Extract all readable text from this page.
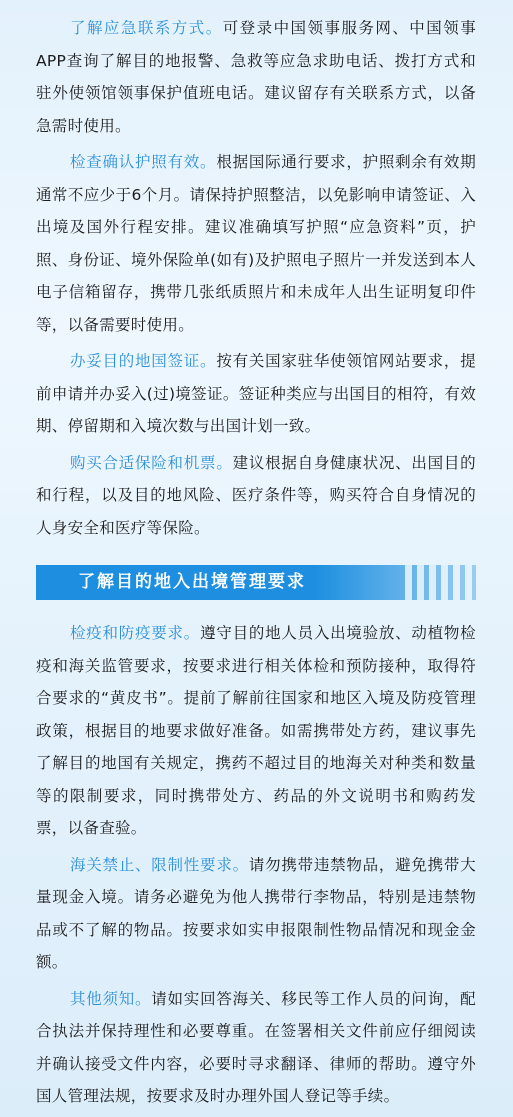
了解应急联系方式。可登录中国领事服务网、中国领事APP查询了解目的地报警、急救等应急求助电话、拨打方式和驻外使领馆领事保护值班电话。建议留存有关联系方式，以备急需时使用。

检查确认护照有效。根据国际通行要求，护照剩余有效期通常不应少于6个月。请保持护照整洁，以免影响申请签证、入出境及国外行程安排。建议准确填写护照“应急资料”页，护照、身份证、境外保险单(如有)及护照电子照片一并发送到本人电子信箱留存，携带几张纸质照片和未成年人出生证明复印件等，以备需要时使用。

办妥目的地国签证。按有关国家驻华使领馆网站要求，提前申请并办妥入(过)境签证。签证种类应与出国目的相符，有效期、停留期和入境次数与出国计划一致。

购买合适保险和机票。建议根据自身健康状况、出国目的和行程，以及目的地风险、医疗条件等，购买符合自身情况的人身安全和医疗等保险。

了解目的地入出境管理要求

检疫和防疫要求。遵守目的地人员入出境验放、动植物检疫和海关监管要求，按要求进行相关体检和预防接种，取得符合要求的“黄皮书”。提前了解前往国家和地区入境及防疫管理政策，根据目的地要求做好准备。如需携带处方药，建议事先了解目的地国有关规定，携药不超过目的地海关对种类和数量等的限制要求，同时携带处方、药品的外文说明书和购药发票，以备查验。

海关禁止、限制性要求。请勿携带违禁物品，避免携带大量现金入境。请务必避免为他人携带行李物品，特别是违禁物品或不了解的物品。按要求如实申报限制性物品情况和现金金额。

其他须知。请如实回答海关、移民等工作人员的问询，配合执法并保持理性和必要尊重。在签署相关文件前应仔细阅读并确认接受文件内容，必要时寻求翻译、律师的帮助。遵守外国人管理法规，按要求及时办理外国人登记等手续。
